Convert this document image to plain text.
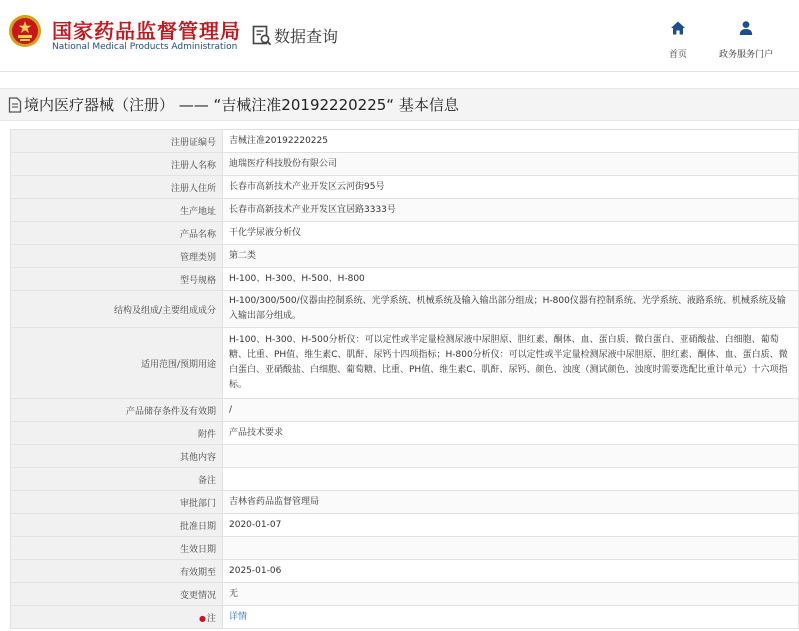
国家药品监督管理局
National Medical Products Administration
数据查询
首页	政务服务门户
境内医疗器械（注册） —— “吉械注准20192220225“ 基本信息
注册证编号	吉械注准20192220225
注册人名称	迪瑞医疗科技股份有限公司
注册人住所	长春市高新技术产业开发区云河街95号
生产地址	长春市高新技术产业开发区宜居路3333号
产品名称	干化学尿液分析仪
管理类别	第二类
型号规格	H-100、H-300、H-500、H-800
结构及组成/主要组成成分	H-100/300/500/仪器由控制系统、光学系统、机械系统及输入输出部分组成；H-800仪器有控制系统、光学系统、液路系统、机械系统及输入输出部分组成。
适用范围/预期用途	H-100、H-300、H-500分析仪：可以定性或半定量检测尿液中尿胆原、胆红素、酮体、血、蛋白质、微白蛋白、亚硝酸盐、白细胞、葡萄糖、比重、PH值、维生素C、肌酐、尿钙十四项指标；H-800分析仪：可以定性或半定量检测尿液中尿胆原、胆红素、酮体、血、蛋白质、微白蛋白、亚硝酸盐、白细胞、葡萄糖、比重、PH值、维生素C、肌酐、尿钙、颜色、浊度（测试颜色、浊度时需要选配比重计单元）十六项指标。
产品储存条件及有效期	/
附件	产品技术要求
其他内容	
备注	
审批部门	吉林省药品监督管理局
批准日期	2020-01-07
生效日期	
有效期至	2025-01-06
变更情况	无
●注	详情
